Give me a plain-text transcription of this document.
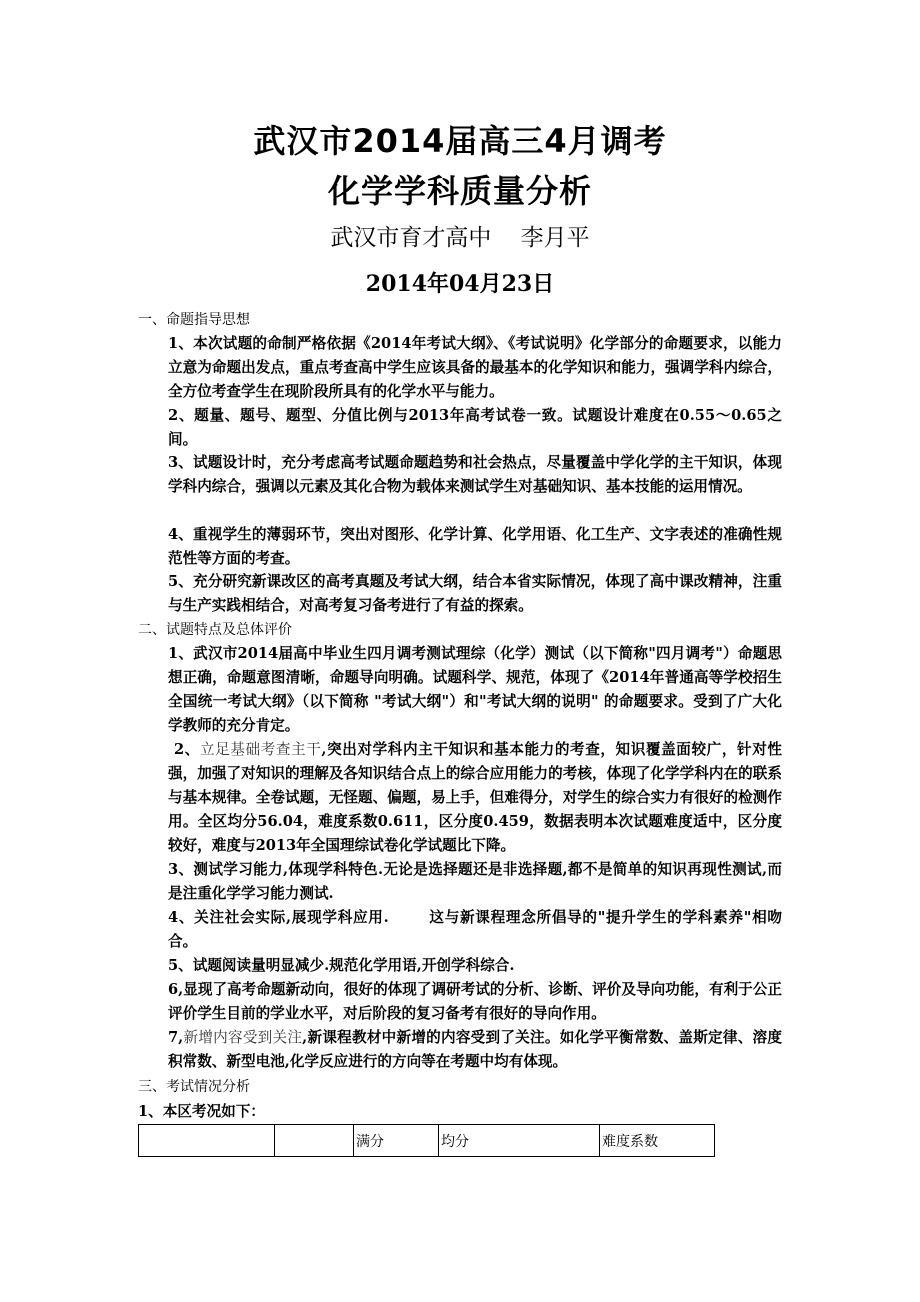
武汉市2014届高三4月调考
化学学科质量分析
武汉市育才高中    李月平
2014年04月23日
一、命题指导思想
1、本次试题的命制严格依据《2014年考试大纲》、《考试说明》化学部分的命题要求，以能力立意为命题出发点，重点考查高中学生应该具备的最基本的化学知识和能力，强调学科内综合，全方位考查学生在现阶段所具有的化学水平与能力。
2、题量、题号、题型、分值比例与2013年高考试卷一致。试题设计难度在0.55～0.65之间。
3、试题设计时，充分考虑高考试题命题趋势和社会热点，尽量覆盖中学化学的主干知识，体现学科内综合，强调以元素及其化合物为载体来测试学生对基础知识、基本技能的运用情况。
4、重视学生的薄弱环节，突出对图形、化学计算、化学用语、化工生产、文字表述的准确性规范性等方面的考查。
5、充分研究新课改区的高考真题及考试大纲，结合本省实际情况，体现了高中课改精神，注重与生产实践相结合，对高考复习备考进行了有益的探索。
二、试题特点及总体评价
1、武汉市2014届高中毕业生四月调考测试理综（化学）测试（以下简称"四月调考"）命题思想正确，命题意图清晰，命题导向明确。试题科学、规范，体现了《2014年普通高等学校招生全国统一考试大纲》（以下简称 "考试大纲"）和"考试大纲的说明" 的命题要求。受到了广大化学教师的充分肯定。
2、立足基础考查主干,突出对学科内主干知识和基本能力的考查，知识覆盖面较广，针对性强，加强了对知识的理解及各知识结合点上的综合应用能力的考核，体现了化学学科内在的联系与基本规律。全卷试题，无怪题、偏题，易上手，但难得分，对学生的综合实力有很好的检测作用。全区均分56.04，难度系数0.611，区分度0.459，数据表明本次试题难度适中，区分度较好，难度与2013年全国理综试卷化学试题比下降。
3、测试学习能力,体现学科特色.无论是选择题还是非选择题,都不是简单的知识再现性测试,而是注重化学学习能力测试.
4、关注社会实际,展现学科应用.	这与新课程理念所倡导的"提升学生的学科素养"相吻合。
5、试题阅读量明显减少.规范化学用语,开创学科综合.
6,显现了高考命题新动向，很好的体现了调研考试的分析、诊断、评价及导向功能，有利于公正评价学生目前的学业水平，对后阶段的复习备考有很好的导向作用。
7,新增内容受到关注,新课程教材中新增的内容受到了关注。如化学平衡常数、盖斯定律、溶度积常数、新型电池,化学反应进行的方向等在考题中均有体现。
三、考试情况分析
1、本区考况如下：
		满分	均分	难度系数
